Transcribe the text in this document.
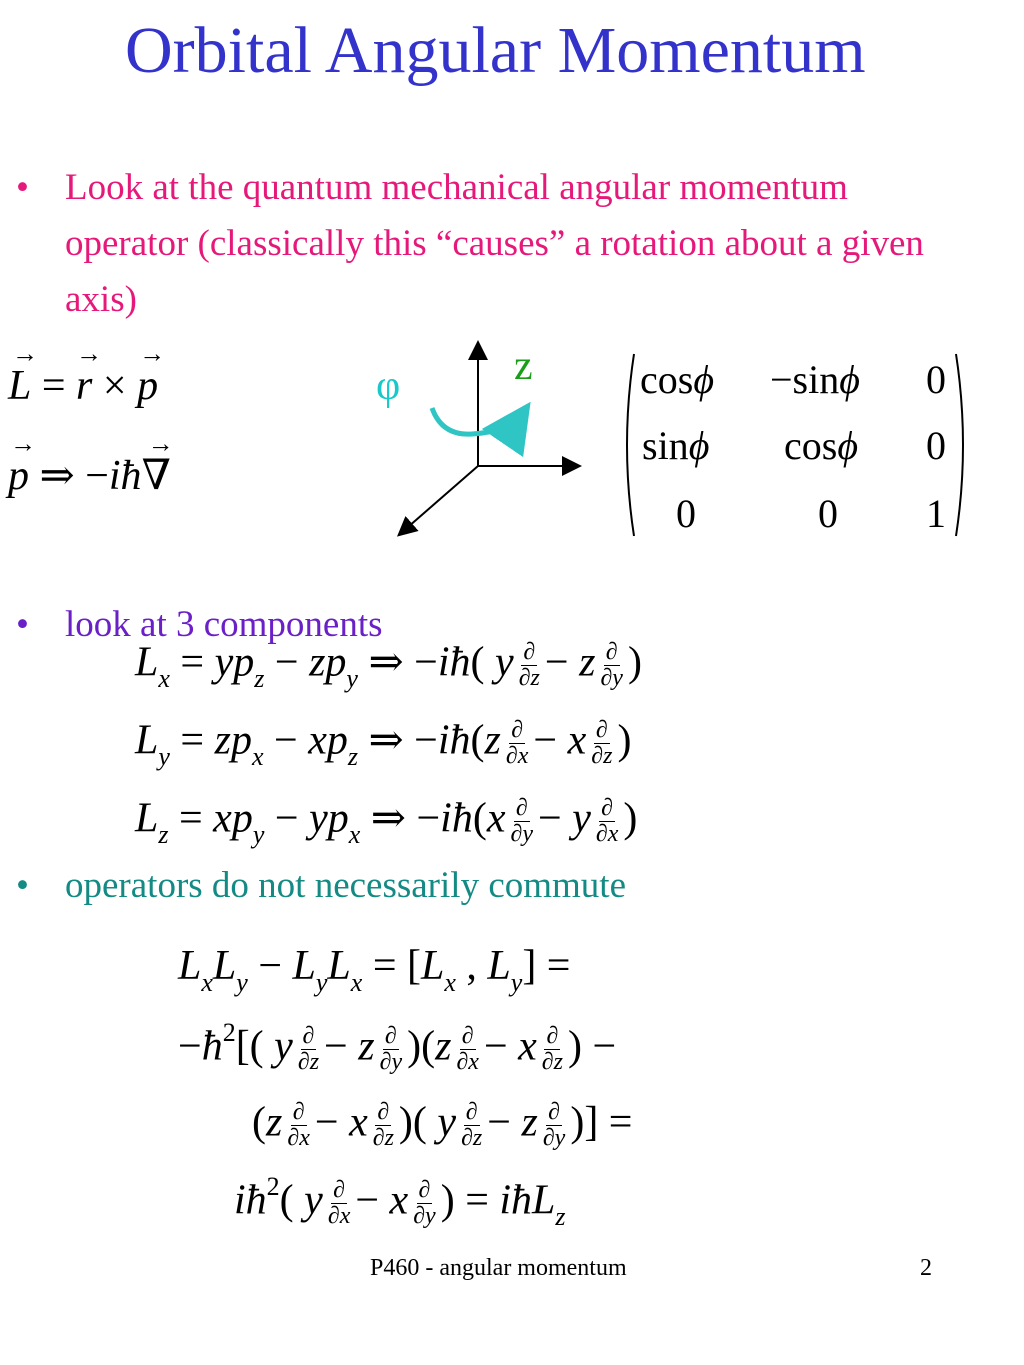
Orbital Angular Momentum
• Look at the quantum mechanical angular momentum operator (classically this “causes” a rotation about a given axis)
L
→
= r
→
× p
→
p
→
⇒ −iħ∇
→
φ	z	cosϕ −sinϕ 0
sinϕ cosϕ 0
0	0 1
• look at 3 components
$L_x = yp_z - zp_y$ ⇒ −iħ( y $\frac{\partial}{\partial z} - z \frac{\partial}{\partial y}$ )
$L_y = zp_x - xp_z$ ⇒ −iħ(z $\frac{\partial}{\partial x} - x \frac{\partial}{\partial z}$ )
$L_z = xp_y - yp_x$ ⇒ −iħ(x $\frac{\partial}{\partial y} - y \frac{\partial}{\partial x}$ )
• operators do not necessarily commute
$L_xL_y - L_yL_x = [L_x$ , $L_y$] =
$-ħ^2$[( y $\frac{\partial}{\partial z} - z \frac{\partial}{\partial y} )(z \frac{\partial}{\partial x} - x \frac{\partial}{\partial z}$ ) −
($z \frac{\partial}{\partial x} - x \frac{\partial}{\partial z}$ )( y $\frac{\partial}{\partial z} - z \frac{\partial}{\partial y}$ )] =
$iħ^2$( y $\frac{\partial}{\partial x} - x \frac{\partial}{\partial y}$ ) = iħL$_z$
P460 - angular momentum	2
